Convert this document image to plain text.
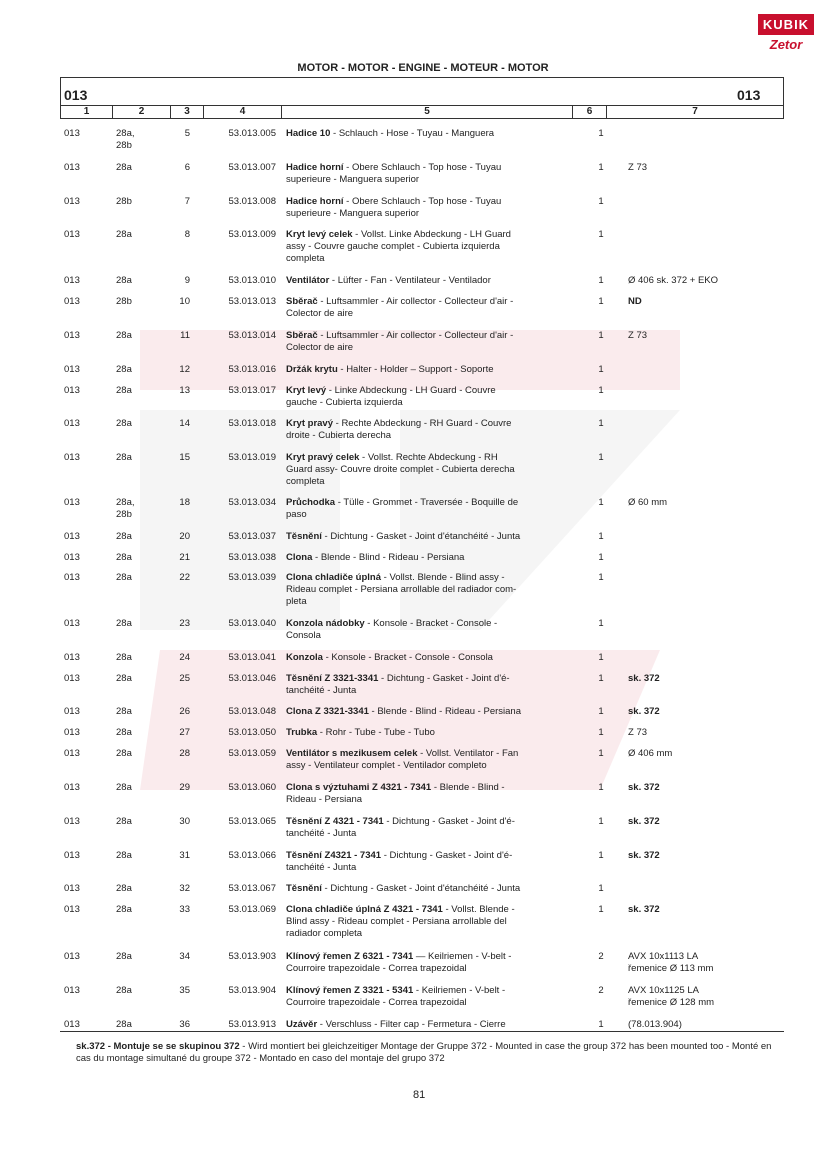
KUBIK
Zetor
MOTOR - MOTOR - ENGINE - MOTEUR - MOTOR
013	013
1	2	3	4	5	6	7
013	28a,
28b
5	53.013.005 Hadice 10 - Schlauch - Hose - Tuyau - Manguera	1
013	28a	6	53.013.007 Hadice horní - Obere Schlauch - Top hose - Tuyau
superieure - Manguera superior
1	Z 73
013	28b	7	53.013.008 Hadice horní - Obere Schlauch - Top hose - Tuyau
superieure - Manguera superior
1
013	28a	8	53.013.009 Kryt levý celek - Vollst. Linke Abdeckung - LH Guard
assy - Couvre gauche complet - Cubierta izquierda
completa
1
013	28a	9	53.013.010 Ventilátor - Lüfter - Fan - Ventilateur - Ventilador	1	Ø 406 sk. 372 + EKO
013	28b	10	53.013.013 Sběrač - Luftsammler - Air collector - Collecteur d'air -
Colector de aire
1	ND
013	28a	11	53.013.014 Sběrač - Luftsammler - Air collector - Collecteur d'air -
Colector de aire
1	Z 73
013	28a	12	53.013.016 Držák krytu - Halter - Holder – Support - Soporte	1
013	28a	13	53.013.017 Kryt levý - Linke Abdeckung - LH Guard - Couvre
gauche - Cubierta izquierda
1
013	28a	14	53.013.018 Kryt pravý - Rechte Abdeckung - RH Guard - Couvre
droite - Cubierta derecha
1
013	28a	15	53.013.019 Kryt pravý celek - Vollst. Rechte Abdeckung - RH
Guard assy- Couvre droite complet - Cubierta derecha
completa
1
013	28a,
28b
18	53.013.034 Průchodka - Tülle - Grommet - Traversée - Boquille de
paso
1	Ø 60 mm
013	28a	20	53.013.037 Těsnění - Dichtung - Gasket - Joint d'étanchéité - Junta	1
013	28a	21	53.013.038 Clona - Blende - Blind - Rideau - Persiana	1
013	28a	22	53.013.039 Clona chladiče úplná - Vollst. Blende - Blind assy -
Rideau complet - Persiana arrollable del radiador com-
pleta
1
013	28a	23	53.013.040 Konzola nádobky - Konsole - Bracket - Console -
Consola
1
013	28a	24	53.013.041 Konzola - Konsole - Bracket - Console - Consola	1
013	28a	25	53.013.046 Těsnění Z 3321-3341 - Dichtung - Gasket - Joint d'é-
tanchéité - Junta
1	sk. 372
013	28a	26	53.013.048 Clona Z 3321-3341 - Blende - Blind - Rideau - Persiana	1	sk. 372
013	28a	27	53.013.050 Trubka - Rohr - Tube - Tube - Tubo	1	Z 73
013	28a	28	53.013.059 Ventilátor s mezikusem celek - Vollst. Ventilator - Fan
assy - Ventilateur complet - Ventilador completo
1	Ø 406 mm
013	28a	29	53.013.060 Clona s výztuhami Z 4321 - 7341 - Blende - Blind -
Rideau - Persiana
1	sk. 372
013	28a	30	53.013.065 Těsnění Z 4321 - 7341 - Dichtung - Gasket - Joint d'é-
tanchéité - Junta
1	sk. 372
013	28a	31	53.013.066 Těsnění Z4321 - 7341 - Dichtung - Gasket - Joint d'é-
tanchéité - Junta
1	sk. 372
013	28a	32	53.013.067 Těsnění - Dichtung - Gasket - Joint d'étanchéité - Junta	1
013	28a	33	53.013.069 Clona chladiče úplná Z 4321 - 7341 - Vollst. Blende -
Blind assy - Rideau complet - Persiana arrollable del
radiador completa
1	sk. 372
013	28a	34	53.013.903 Klínový řemen Z 6321 - 7341 — Keilriemen - V-belt -
Courroire trapezoidale - Correa trapezoidal
2	AVX 10x1113 LA
řemenice Ø 113 mm
013	28a	35	53.013.904 Klínový řemen Z 3321 - 5341 - Keilriemen - V-belt -
Courroire trapezoidale - Correa trapezoidal
2	AVX 10x1125 LA
řemenice Ø 128 mm
013	28a	36	53.013.913 Uzávěr - Verschluss - Filter cap - Fermetura - Cierre	1	(78.013.904)
sk.372 - Montuje se se skupinou 372 - Wird montiert bei gleichzeitiger Montage der Gruppe 372 - Mounted in case the group 372 has been mounted too - Monté en cas du montage simultané du groupe 372 - Montado en caso del montaje del grupo 372
81
